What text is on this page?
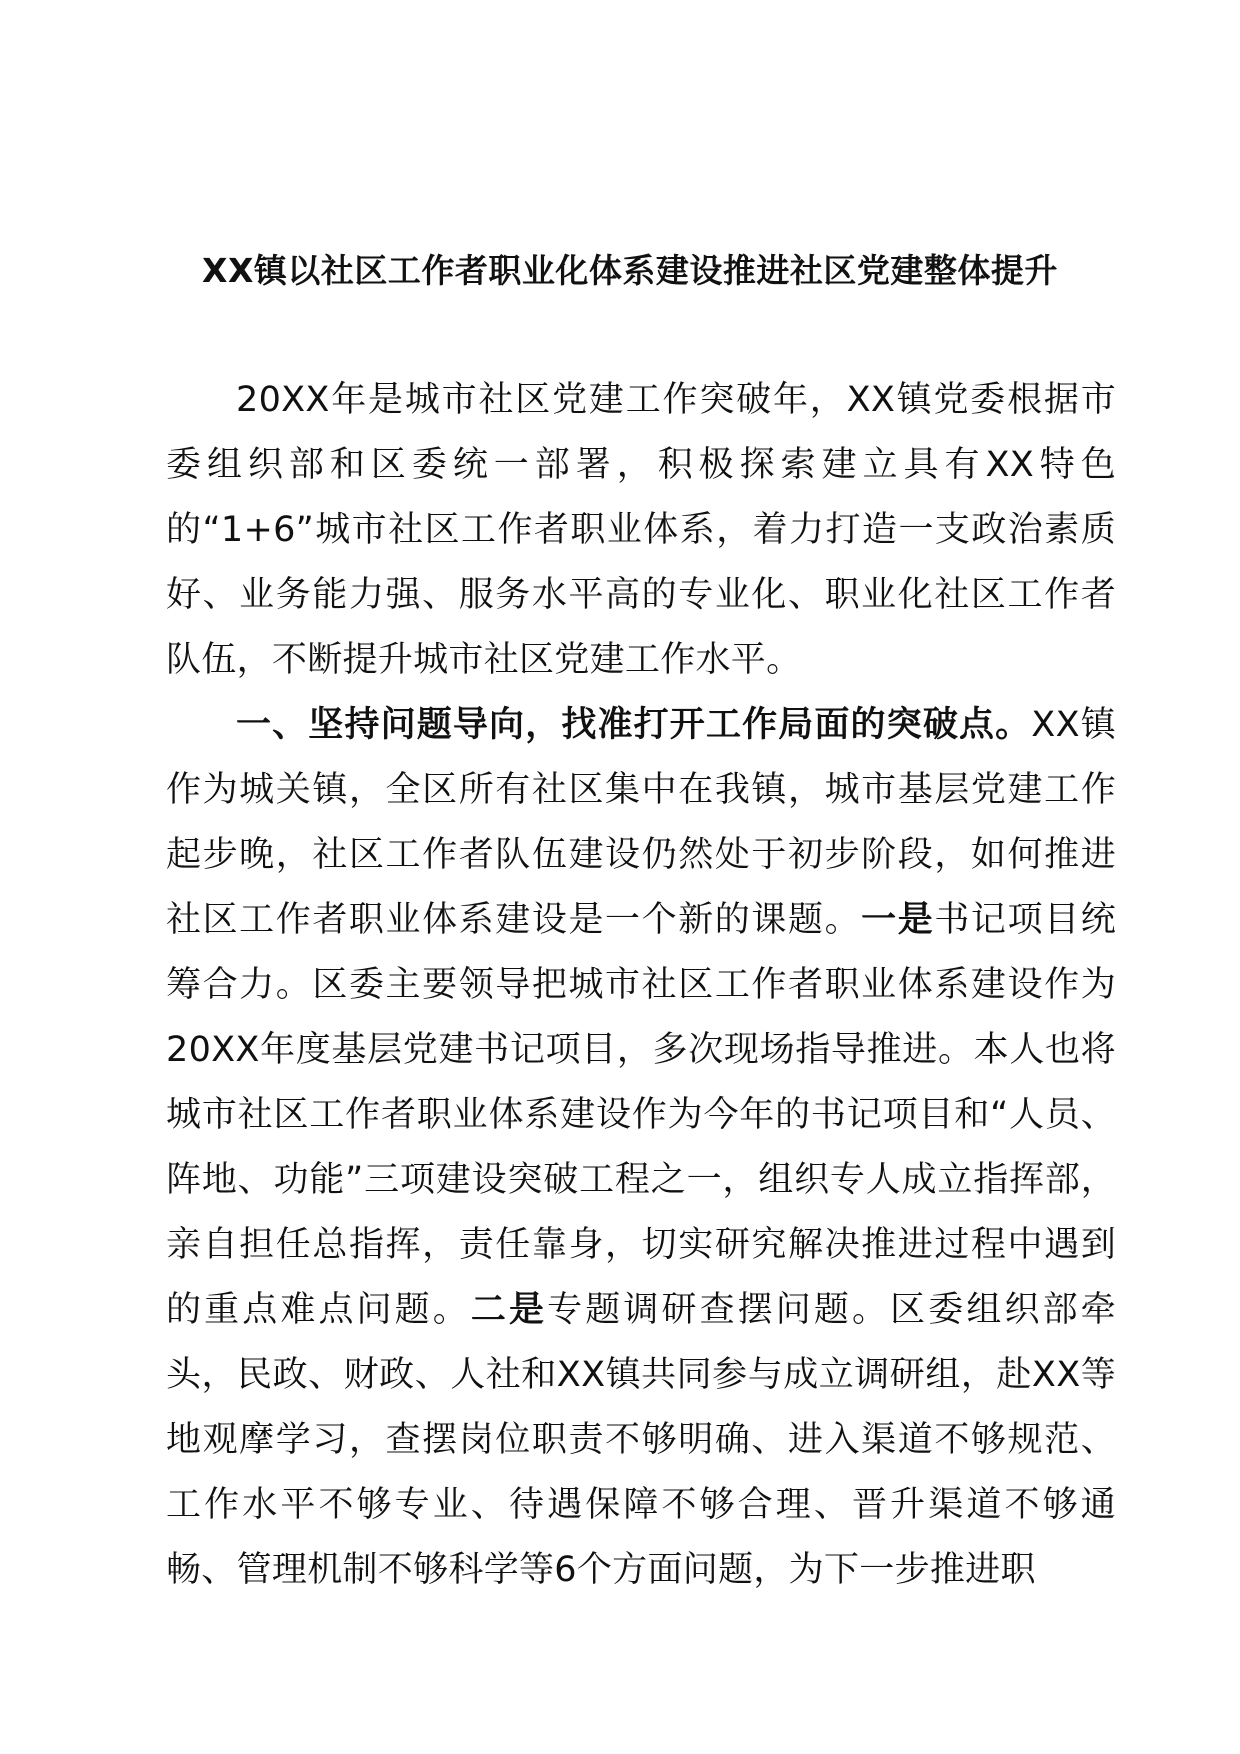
XX镇以社区工作者职业化体系建设推进社区党建整体提升

20XX年是城市社区党建工作突破年，XX镇党委根据市委组织部和区委统一部署，积极探索建立具有XX特色的“1+6”城市社区工作者职业体系，着力打造一支政治素质好、业务能力强、服务水平高的专业化、职业化社区工作者队伍，不断提升城市社区党建工作水平。

一、坚持问题导向，找准打开工作局面的突破点。XX镇作为城关镇，全区所有社区集中在我镇，城市基层党建工作起步晚，社区工作者队伍建设仍然处于初步阶段，如何推进社区工作者职业体系建设是一个新的课题。一是书记项目统筹合力。区委主要领导把城市社区工作者职业体系建设作为20XX年度基层党建书记项目，多次现场指导推进。本人也将城市社区工作者职业体系建设作为今年的书记项目和“人员、阵地、功能”三项建设突破工程之一，组织专人成立指挥部，亲自担任总指挥，责任靠身，切实研究解决推进过程中遇到的重点难点问题。二是专题调研查摆问题。区委组织部牵头，民政、财政、人社和XX镇共同参与成立调研组，赴XX等地观摩学习，查摆岗位职责不够明确、进入渠道不够规范、工作水平不够专业、待遇保障不够合理、晋升渠道不够通畅、管理机制不够科学等6个方面问题，为下一步推进职
